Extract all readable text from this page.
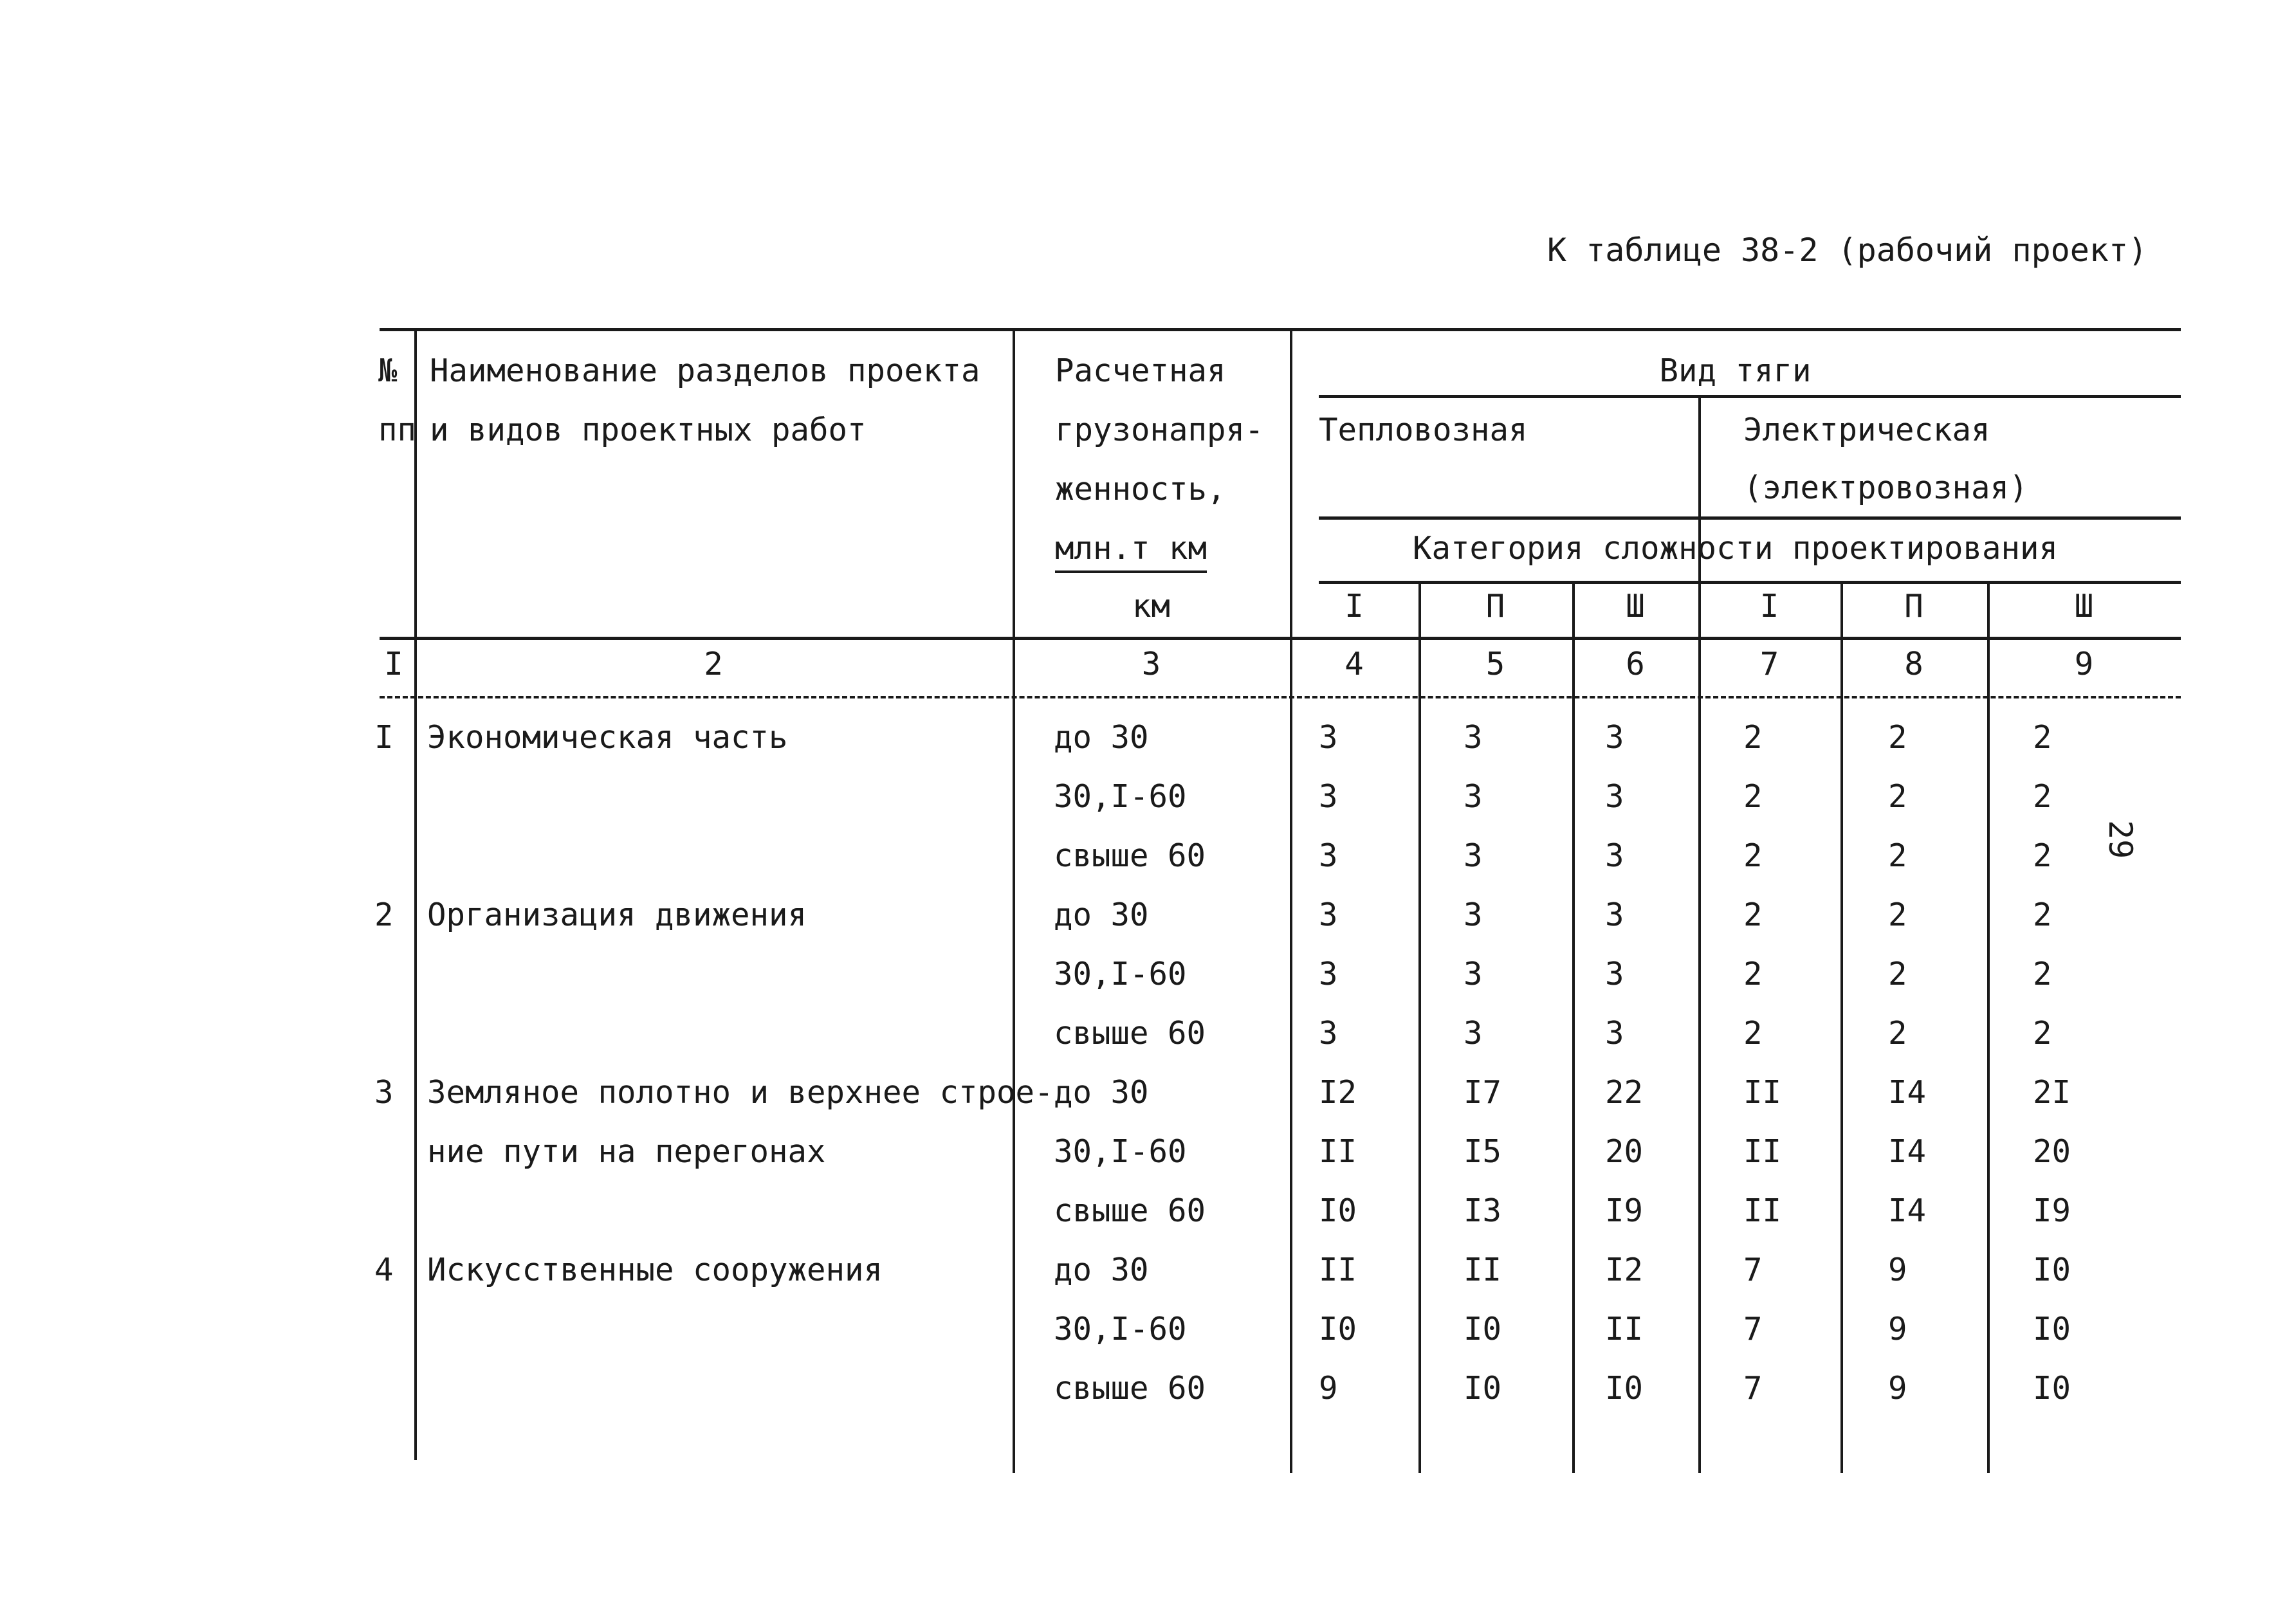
К таблице 38-2 (рабочий проект)
29
№
пп
Наименование разделов проекта
и видов проектных работ
Расчетная
грузонапря-
женность,
млн.т км
км
Вид тяги
Тепловозная	Электрическая
(электровозная)
Категория сложности проектирования
I	П	Ш	I	П	Ш
I	2	3	4	5	6	7	8	9
I Экономическая часть	до 30	3	3	3	2	2	2
30,I-60	3	3	3	2	2	2
свыше 60	3	3	3	2	2	2
2 Организация движения	до 30	3	3	3	2	2	2
30,I-60	3	3	3	2	2	2
свыше 60	3	3	3	2	2	2
3 Земляное полотно и верхнее строе-
ние пути на перегонах
до 30	I2	I7	22	II	I4	2I
30,I-60	II	I5	20	II	I4	20
свыше 60	I0	I3	I9	II	I4	I9
4 Искусственные сооружения	до 30	II	II	I2	7	9	I0
30,I-60	I0	I0	II	7	9	I0
свыше 60	9	I0	I0	7	9	I0
